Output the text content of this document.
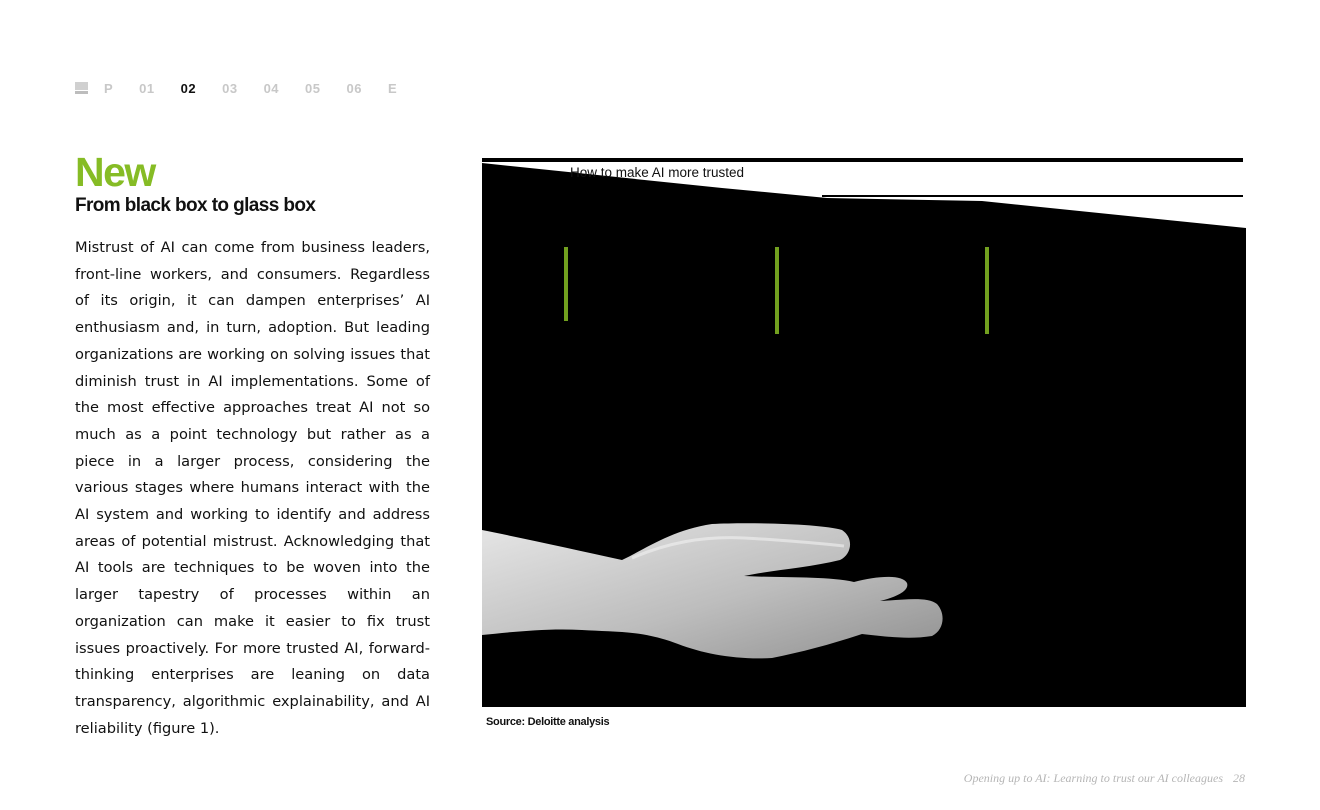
P 01 02 03 04 05 06 E
New
From black box to glass box

Mistrust of AI can come from business leaders, front-line workers, and consumers. Regardless of its origin, it can dampen enterprises’ AI enthusiasm and, in turn, adoption. But leading organizations are working on solving issues that diminish trust in AI implementations. Some of the most effective approaches treat AI not so much as a point technology but rather as a piece in a larger process, considering the various stages where humans interact with the AI system and working to identify and address areas of potential mistrust. Acknowledging that AI tools are techniques to be woven into the larger tapestry of processes within an organization can make it easier to fix trust issues proactively. For more trusted AI, forward-thinking enterprises are leaning on data transparency, algorithmic explainability, and AI reliability (figure 1).

How to make AI more trusted
Source: Deloitte analysis
Opening up to AI: Learning to trust our AI colleagues 28
